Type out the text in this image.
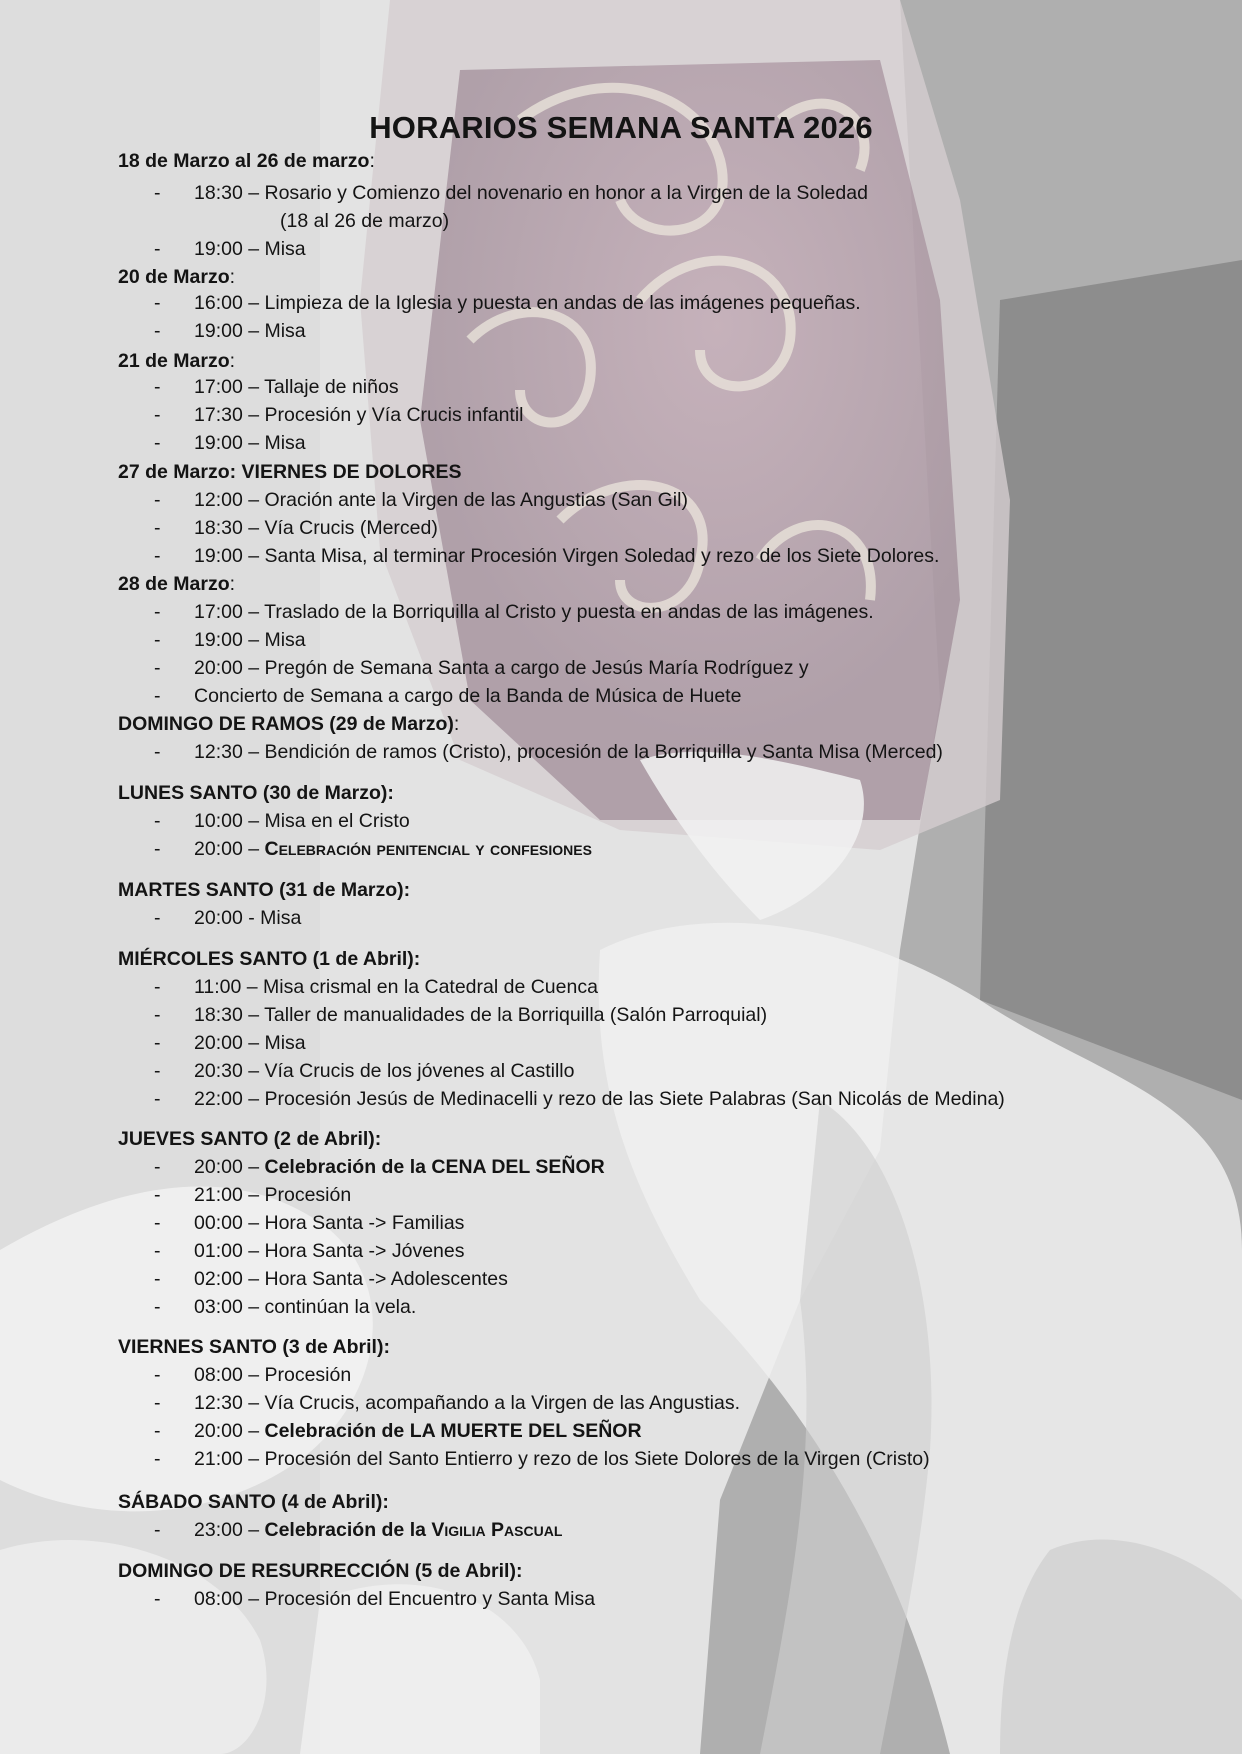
HORARIOS SEMANA SANTA 2026
18 de Marzo al 26 de marzo:
- 18:30 – Rosario y Comienzo del novenario en honor a la Virgen de la Soledad
(18 al 26 de marzo)
- 19:00 – Misa
20 de Marzo:
- 16:00 – Limpieza de la Iglesia y puesta en andas de las imágenes pequeñas.
- 19:00 – Misa
21 de Marzo:
- 17:00 – Tallaje de niños
- 17:30 – Procesión y Vía Crucis infantil
- 19:00 – Misa
27 de Marzo: VIERNES DE DOLORES
- 12:00 – Oración ante la Virgen de las Angustias (San Gil)
- 18:30 – Vía Crucis (Merced)
- 19:00 – Santa Misa, al terminar Procesión Virgen Soledad y rezo de los Siete Dolores.
28 de Marzo:
- 17:00 – Traslado de la Borriquilla al Cristo y puesta en andas de las imágenes.
- 19:00 – Misa
- 20:00 – Pregón de Semana Santa a cargo de Jesús María Rodríguez y
- Concierto de Semana a cargo de la Banda de Música de Huete
DOMINGO DE RAMOS (29 de Marzo):
- 12:30 – Bendición de ramos (Cristo), procesión de la Borriquilla y Santa Misa (Merced)
LUNES SANTO (30 de Marzo):
- 10:00 – Misa en el Cristo
- 20:00 – Celebración penitencial y confesiones
MARTES SANTO (31 de Marzo):
- 20:00 - Misa
MIÉRCOLES SANTO (1 de Abril):
- 11:00 – Misa crismal en la Catedral de Cuenca
- 18:30 – Taller de manualidades de la Borriquilla (Salón Parroquial)
- 20:00 – Misa
- 20:30 – Vía Crucis de los jóvenes al Castillo
- 22:00 – Procesión Jesús de Medinacelli y rezo de las Siete Palabras (San Nicolás de Medina)
JUEVES SANTO (2 de Abril):
- 20:00 – Celebración de la CENA DEL SEÑOR
- 21:00 – Procesión
- 00:00 – Hora Santa -> Familias
- 01:00 – Hora Santa -> Jóvenes
- 02:00 – Hora Santa -> Adolescentes
- 03:00 – continúan la vela.
VIERNES SANTO (3 de Abril):
- 08:00 – Procesión
- 12:30 – Vía Crucis, acompañando a la Virgen de las Angustias.
- 20:00 – Celebración de LA MUERTE DEL SEÑOR
- 21:00 – Procesión del Santo Entierro y rezo de los Siete Dolores de la Virgen (Cristo)
SÁBADO SANTO (4 de Abril):
- 23:00 – Celebración de la Vigilia Pascual
DOMINGO DE RESURRECCIÓN (5 de Abril):
- 08:00 – Procesión del Encuentro y Santa Misa
